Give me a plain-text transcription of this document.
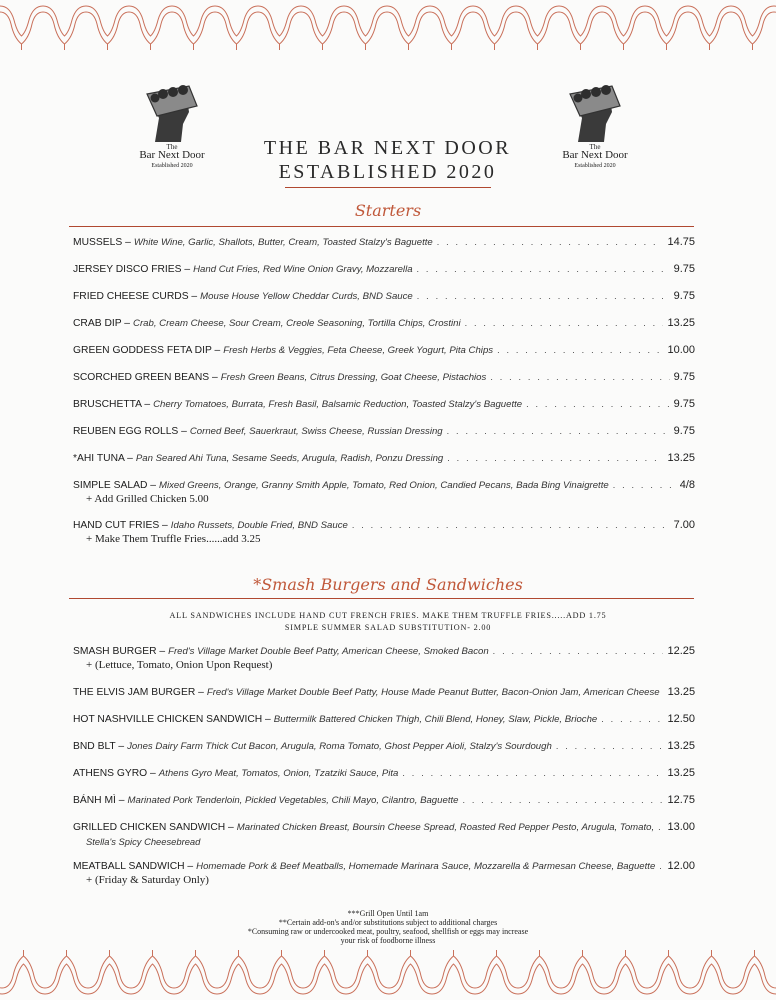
The
Bar Next Door
Established 2020
The
Bar Next Door
Established 2020
THE BAR NEXT DOOR
ESTABLISHED 2020
Starters
MUSSELS – White Wine, Garlic, Shallots, Butter, Cream, Toasted Stalzy's Baguette . . .	14.75
JERSEY DISCO FRIES – Hand Cut Fries, Red Wine Onion Gravy, Mozzarella . . .	9.75
FRIED CHEESE CURDS – Mouse House Yellow Cheddar Curds, BND Sauce . . .	9.75
CRAB DIP – Crab, Cream Cheese, Sour Cream, Creole Seasoning, Tortilla Chips, Crostini . . .	13.25
GREEN GODDESS FETA DIP – Fresh Herbs & Veggies, Feta Cheese, Greek Yogurt, Pita Chips . . .	10.00
SCORCHED GREEN BEANS – Fresh Green Beans, Citrus Dressing, Goat Cheese, Pistachios . . .	9.75
BRUSCHETTA – Cherry Tomatoes, Burrata, Fresh Basil, Balsamic Reduction, Toasted Stalzy's Baguette . . .	9.75
REUBEN EGG ROLLS – Corned Beef, Sauerkraut, Swiss Cheese, Russian Dressing . . .	9.75
*AHI TUNA – Pan Seared Ahi Tuna, Sesame Seeds, Arugula, Radish, Ponzu Dressing . . .	13.25
SIMPLE SALAD – Mixed Greens, Orange, Granny Smith Apple, Tomato, Red Onion, Candied Pecans, Bada Bing Vinaigrette . . .	4/8
+ Add Grilled Chicken 5.00
HAND CUT FRIES – Idaho Russets, Double Fried, BND Sauce . . .	7.00
+ Make Them Truffle Fries......add 3.25
*Smash Burgers and Sandwiches
ALL SANDWICHES INCLUDE HAND CUT FRENCH FRIES. MAKE THEM TRUFFLE FRIES.....ADD 1.75
SIMPLE SUMMER SALAD SUBSTITUTION- 2.00
SMASH BURGER – Fred's Village Market Double Beef Patty, American Cheese, Smoked Bacon . . .	12.25
+ (Lettuce, Tomato, Onion Upon Request)
THE ELVIS JAM BURGER – Fred's Village Market Double Beef Patty, House Made Peanut Butter, Bacon-Onion Jam, American Cheese 13.25
HOT NASHVILLE CHICKEN SANDWICH – Buttermilk Battered Chicken Thigh, Chili Blend, Honey, Slaw, Pickle, Brioche . . .	12.50
BND BLT – Jones Dairy Farm Thick Cut Bacon, Arugula, Roma Tomato, Ghost Pepper Aioli, Stalzy's Sourdough . . .	13.25
ATHENS GYRO – Athens Gyro Meat, Tomatos, Onion, Tzatziki Sauce, Pita . . .	13.25
BÁNH MÌ – Marinated Pork Tenderloin, Pickled Vegetables, Chili Mayo, Cilantro, Baguette . . .	12.75
GRILLED CHICKEN SANDWICH – Marinated Chicken Breast, Boursin Cheese Spread, Roasted Red Pepper Pesto, Arugula, Tomato, . . . 13.00
Stella's Spicy Cheesebread
MEATBALL SANDWICH – Homemade Pork & Beef Meatballs, Homemade Marinara Sauce, Mozzarella & Parmesan Cheese, Baguette . . . 12.00
+ (Friday & Saturday Only)
***Grill Open Until 1am
**Certain add-on's and/or substitutions subject to additional charges
*Consuming raw or undercooked meat, poultry, seafood, shellfish or eggs may increase
your risk of foodborne illness
